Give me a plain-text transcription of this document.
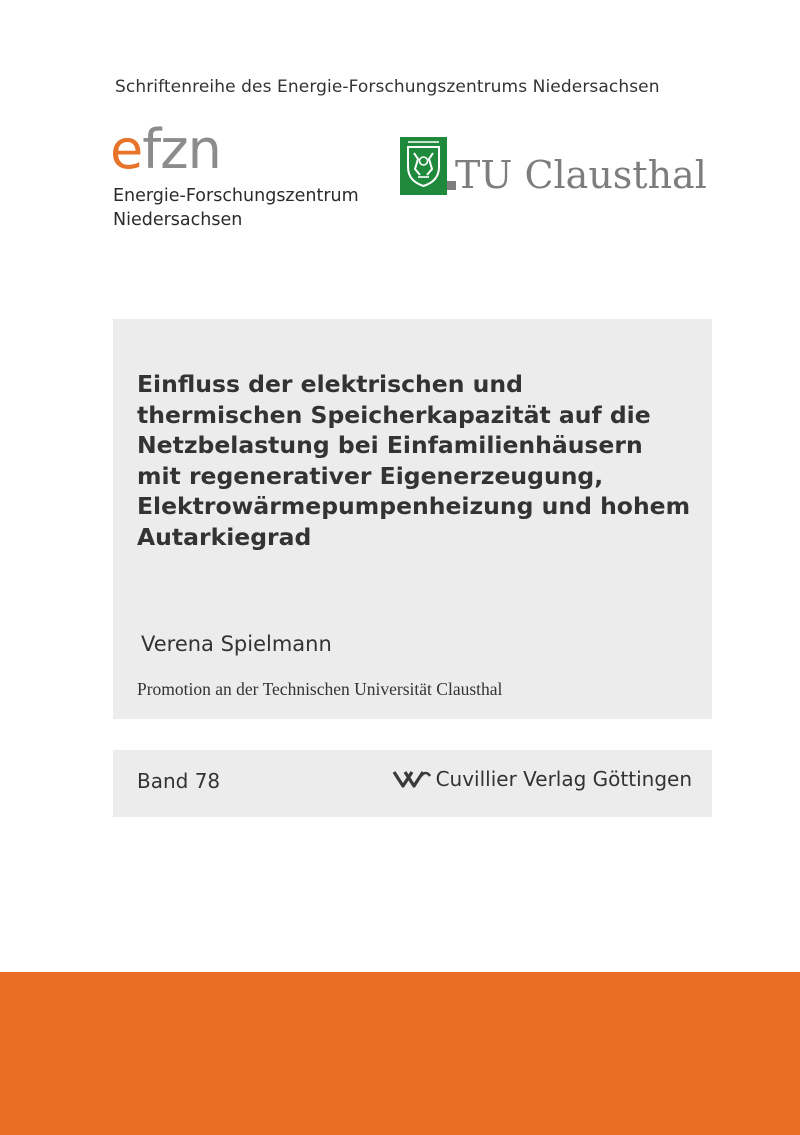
Schriftenreihe des Energie-Forschungszentrums Niedersachsen
efzn
Energie-Forschungszentrum
Niedersachsen
TU Clausthal
Einfluss der elektrischen und
thermischen Speicherkapazität auf die
Netzbelastung bei Einfamilienhäusern
mit regenerativer Eigenerzeugung,
Elektrowärmepumpenheizung und hohem
Autarkiegrad
Verena Spielmann
Promotion an der Technischen Universität Clausthal
Band 78	Cuvillier Verlag Göttingen
